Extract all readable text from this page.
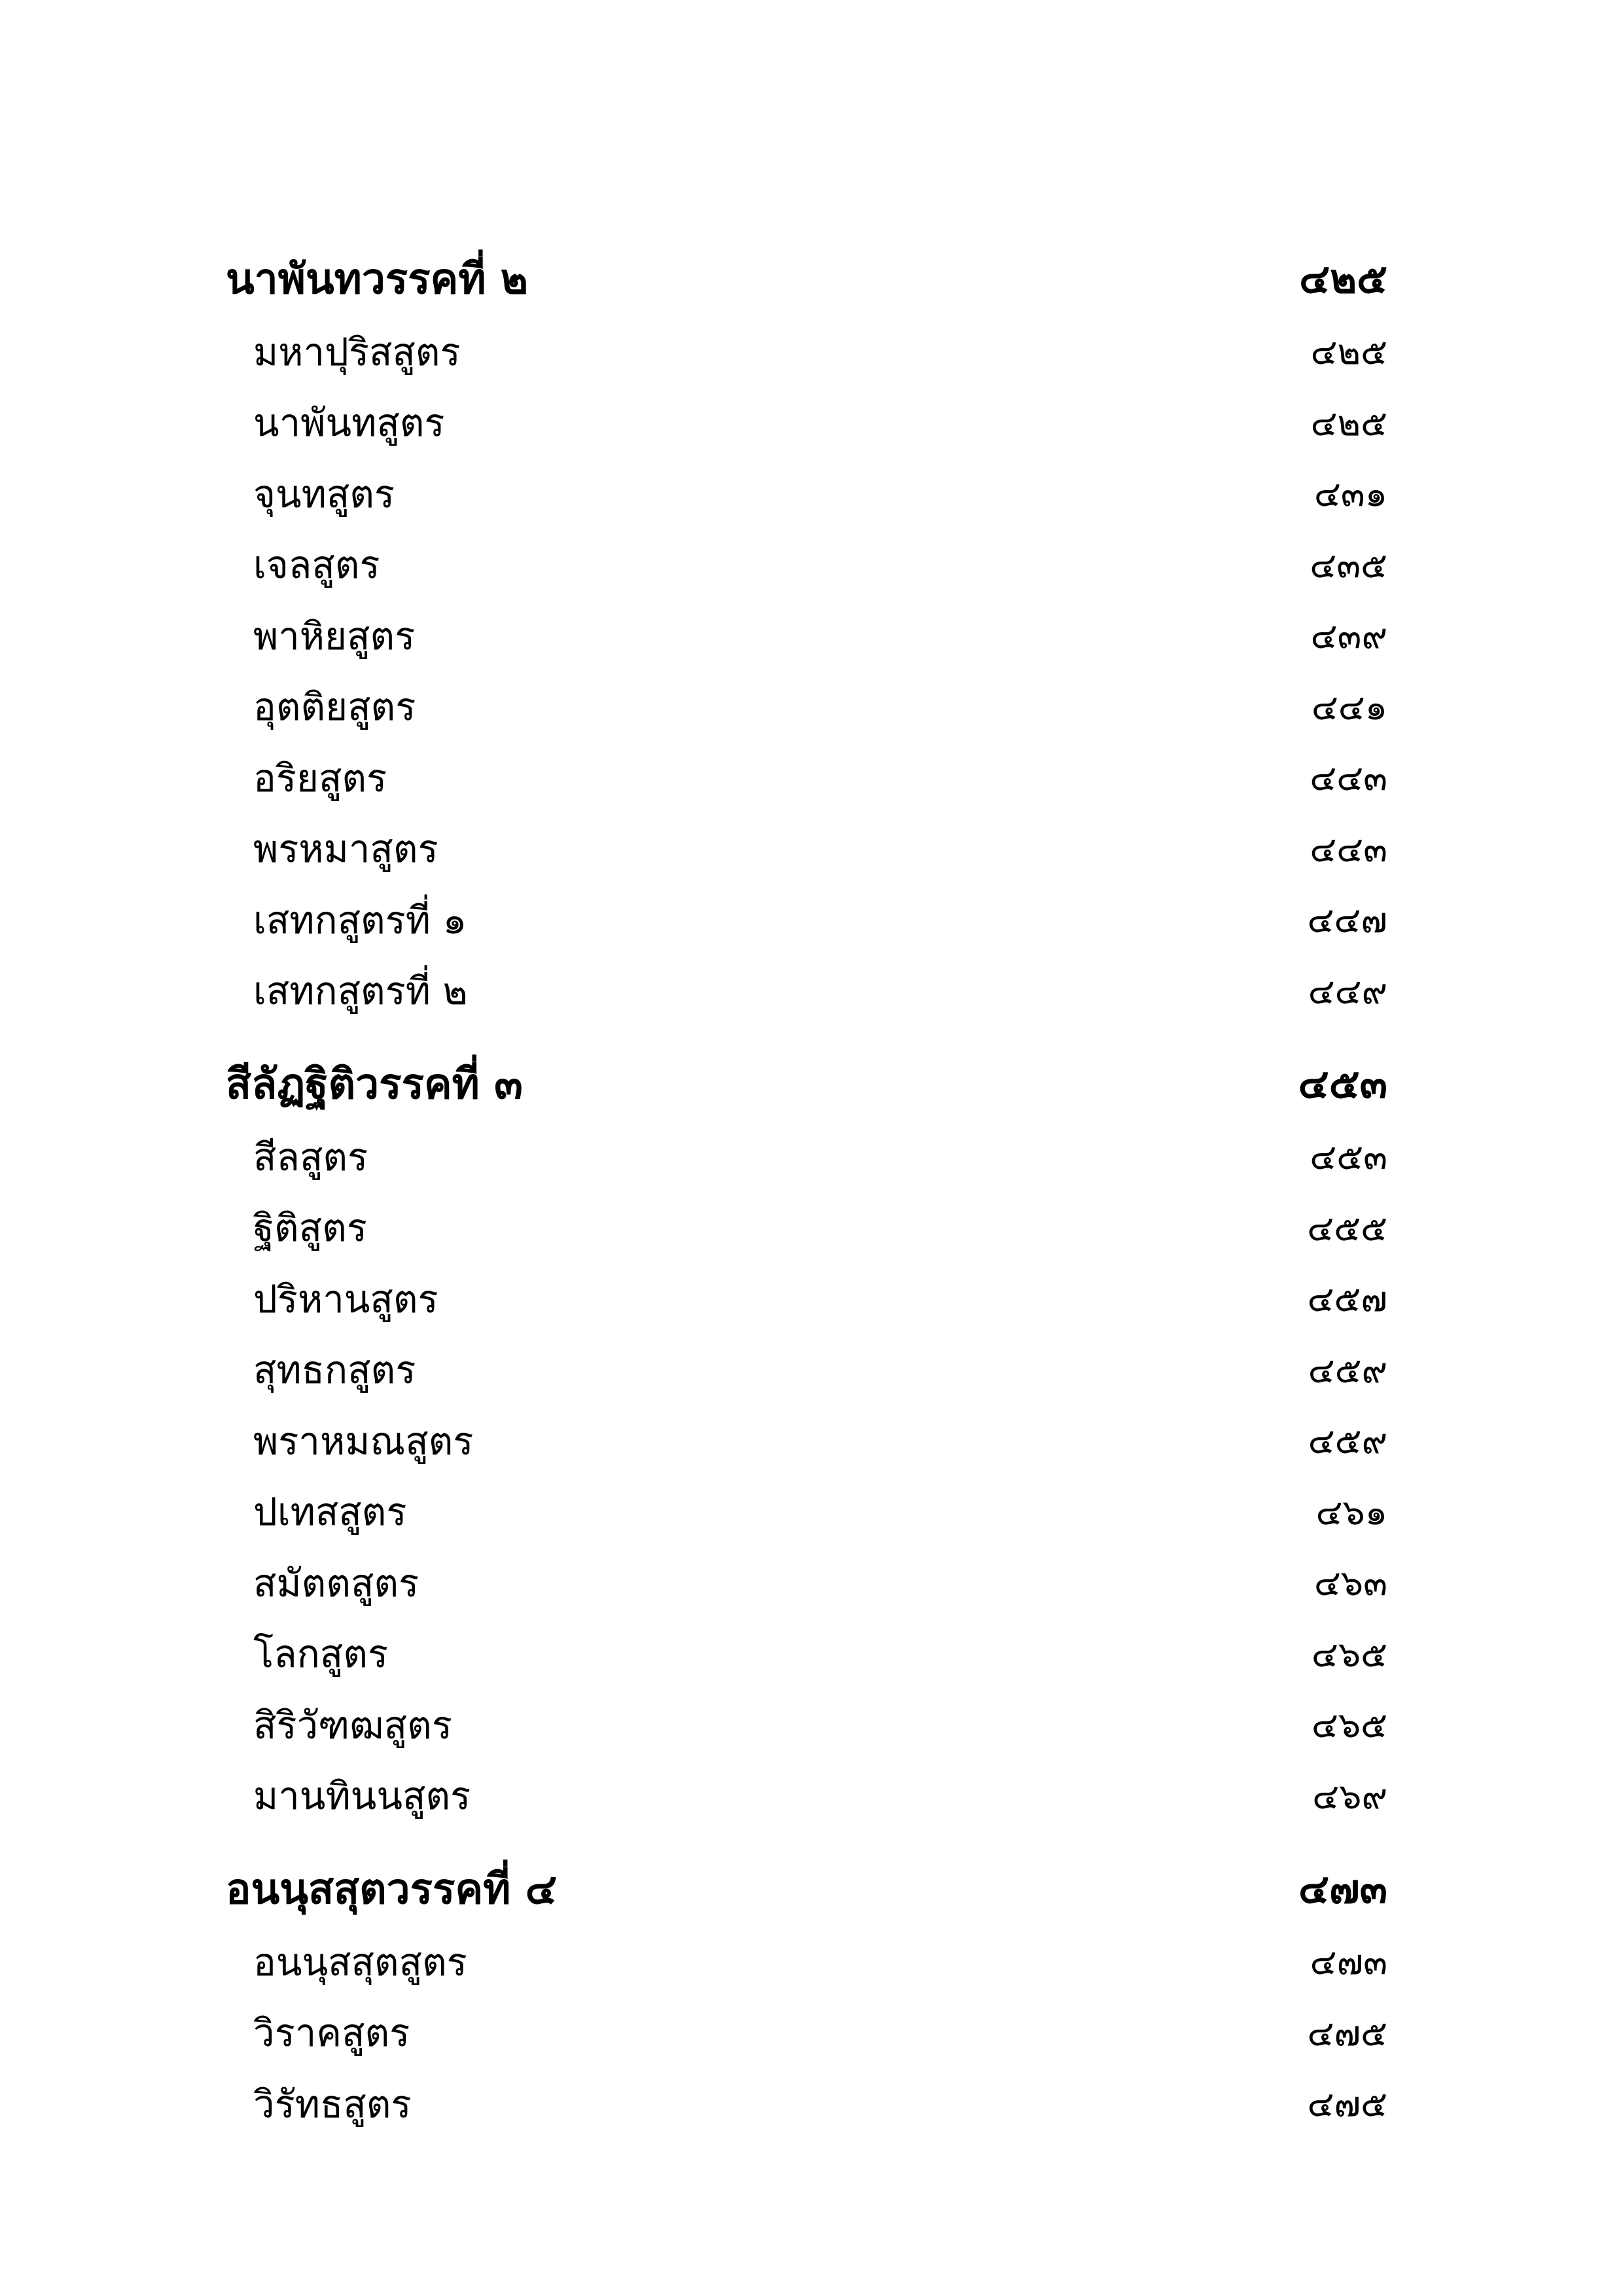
นาพันทวรรคที่ ๒	๔๒๕
มหาปุริสสูตร	๔๒๕
นาพันทสูตร	๔๒๕
จุนทสูตร	๔๓๑
เจลสูตร	๔๓๕
พาหิยสูตร	๔๓๙
อุตติยสูตร	๔๔๑
อริยสูตร	๔๔๓
พรหมาสูตร	๔๔๓
เสทกสูตรที่ ๑	๔๔๗
เสทกสูตรที่ ๒	๔๔๙
สีลัฏฐิติวรรคที่ ๓	๔๕๓
สีลสูตร	๔๕๓
ฐิติสูตร	๔๕๕
ปริหานสูตร	๔๕๗
สุทธกสูตร	๔๕๙
พราหมณสูตร	๔๕๙
ปเทสสูตร	๔๖๑
สมัตตสูตร	๔๖๓
โลกสูตร	๔๖๕
สิริวัฑฒสูตร	๔๖๕
มานทินนสูตร	๔๖๙
อนนุสสุตวรรคที่ ๔	๔๗๓
อนนุสสุตสูตร	๔๗๓
วิราคสูตร	๔๗๕
วิรัทธสูตร	๔๗๕
